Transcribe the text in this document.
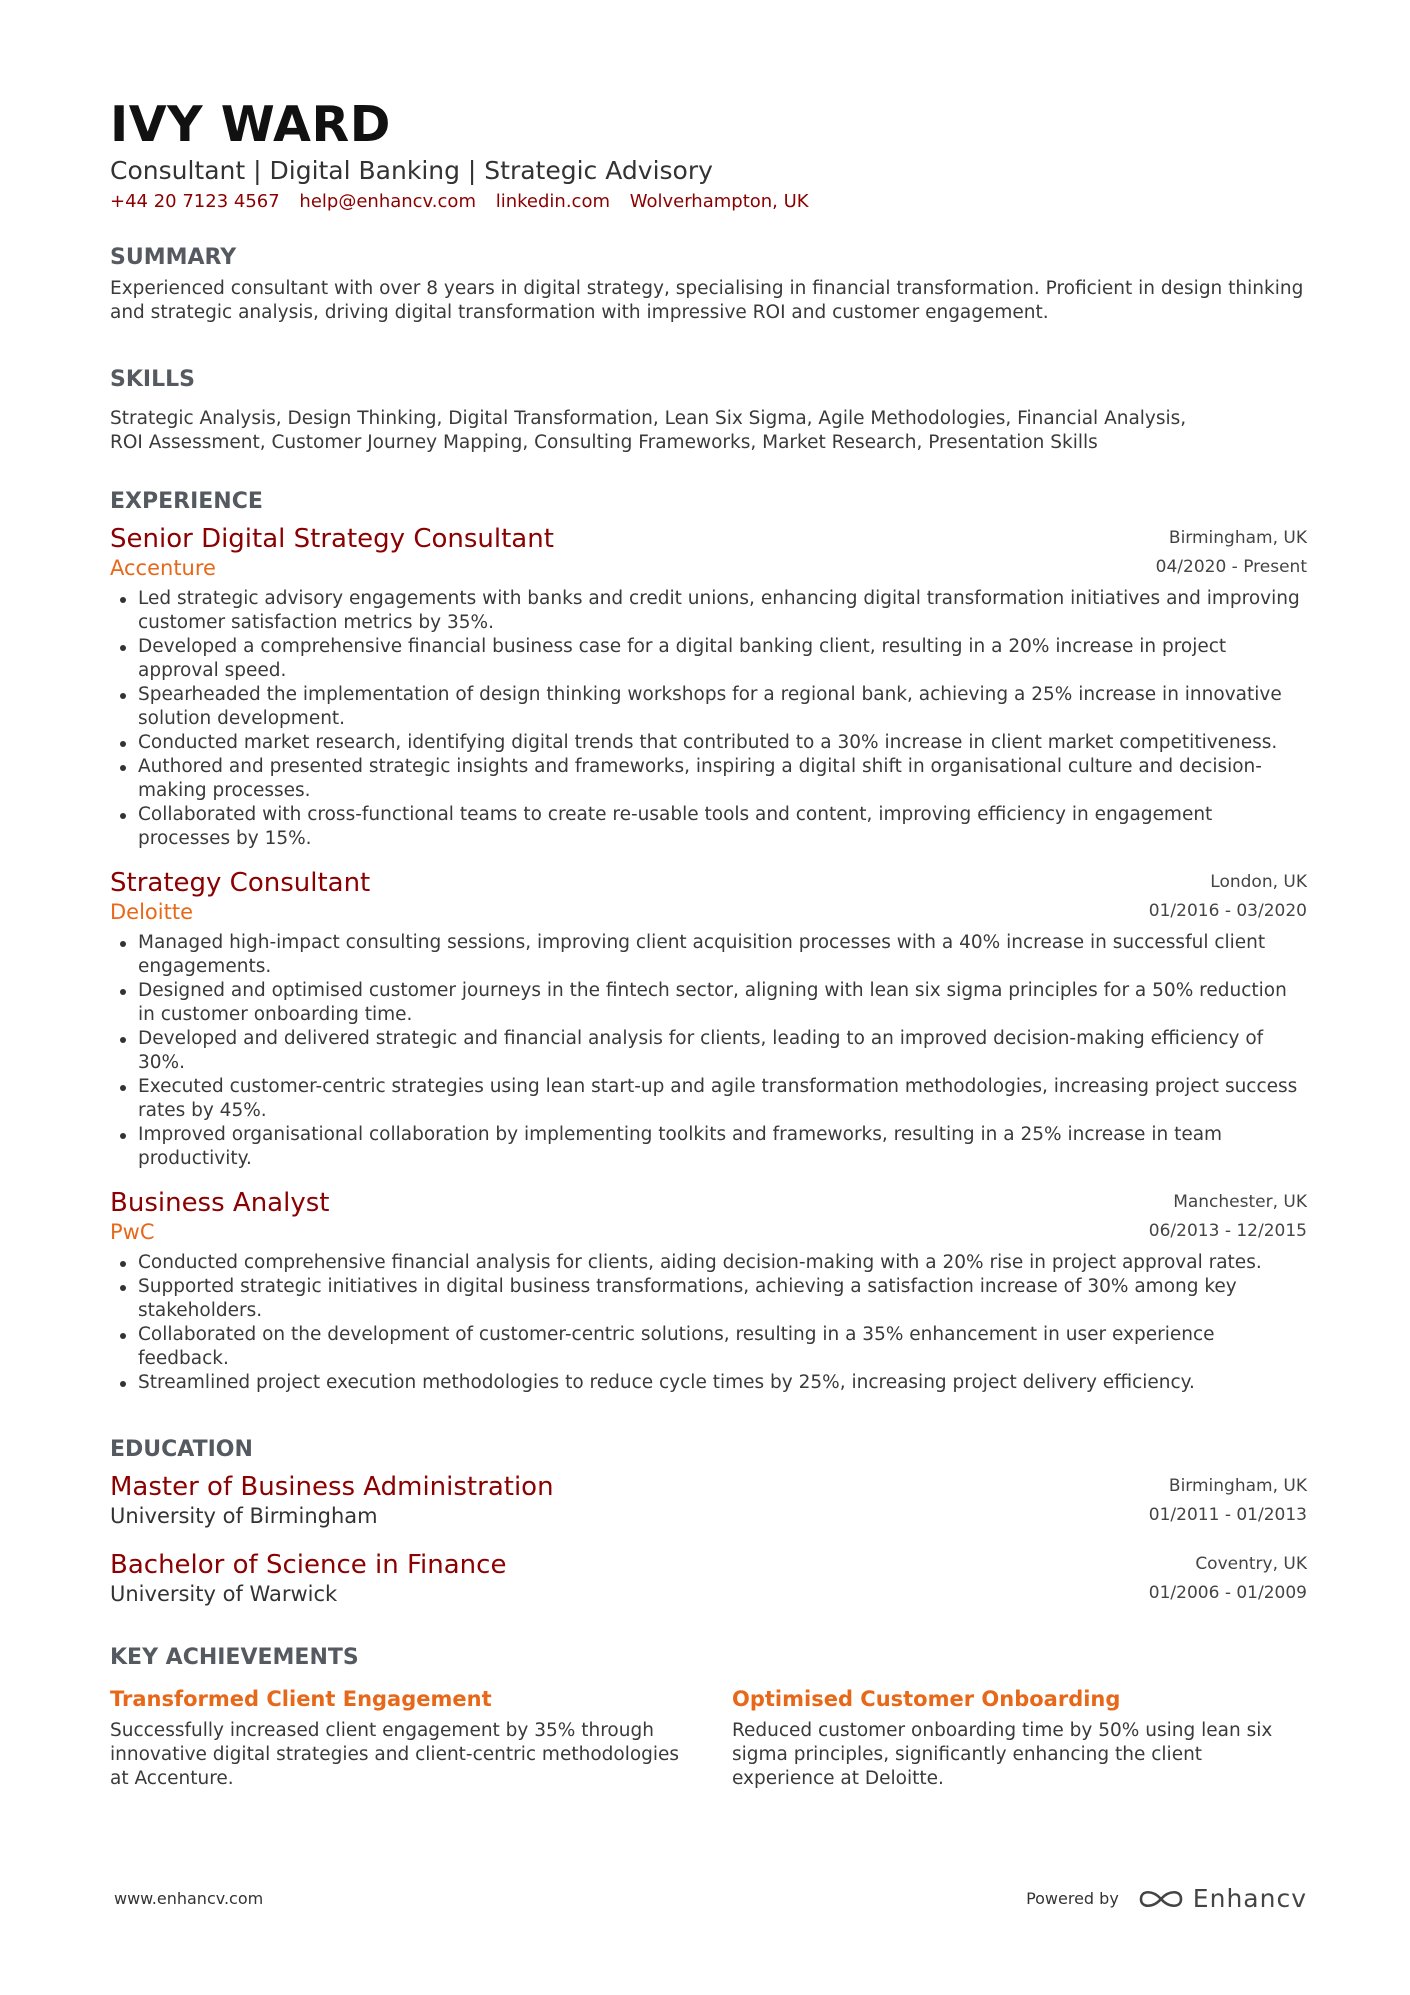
IVY WARD
Consultant | Digital Banking | Strategic Advisory
+44 20 7123 4567 help@enhancv.com linkedin.com Wolverhampton, UK
SUMMARY
Experienced consultant with over 8 years in digital strategy, specialising in financial transformation. Proficient in design thinking and strategic analysis, driving digital transformation with impressive ROI and customer engagement.
SKILLS
Strategic Analysis, Design Thinking, Digital Transformation, Lean Six Sigma, Agile Methodologies, Financial Analysis,
ROI Assessment, Customer Journey Mapping, Consulting Frameworks, Market Research, Presentation Skills
EXPERIENCE
Senior Digital Strategy Consultant
Accenture
Birmingham, UK
04/2020 - Present
Led strategic advisory engagements with banks and credit unions, enhancing digital transformation initiatives and improving customer satisfaction metrics by 35%.
Developed a comprehensive financial business case for a digital banking client, resulting in a 20% increase in project approval speed.
Spearheaded the implementation of design thinking workshops for a regional bank, achieving a 25% increase in innovative solution development.
Conducted market research, identifying digital trends that contributed to a 30% increase in client market competitiveness.
Authored and presented strategic insights and frameworks, inspiring a digital shift in organisational culture and decision-making processes.
Collaborated with cross-functional teams to create re-usable tools and content, improving efficiency in engagement processes by 15%.
Strategy Consultant
Deloitte
London, UK
01/2016 - 03/2020
Managed high-impact consulting sessions, improving client acquisition processes with a 40% increase in successful client engagements.
Designed and optimised customer journeys in the fintech sector, aligning with lean six sigma principles for a 50% reduction in customer onboarding time.
Developed and delivered strategic and financial analysis for clients, leading to an improved decision-making efficiency of 30%.
Executed customer-centric strategies using lean start-up and agile transformation methodologies, increasing project success rates by 45%.
Improved organisational collaboration by implementing toolkits and frameworks, resulting in a 25% increase in team productivity.
Business Analyst
PwC
Manchester, UK
06/2013 - 12/2015
Conducted comprehensive financial analysis for clients, aiding decision-making with a 20% rise in project approval rates.
Supported strategic initiatives in digital business transformations, achieving a satisfaction increase of 30% among key stakeholders.
Collaborated on the development of customer-centric solutions, resulting in a 35% enhancement in user experience feedback.
Streamlined project execution methodologies to reduce cycle times by 25%, increasing project delivery efficiency.
EDUCATION
Master of Business Administration
University of Birmingham
Birmingham, UK
01/2011 - 01/2013
Bachelor of Science in Finance
University of Warwick
Coventry, UK
01/2006 - 01/2009
KEY ACHIEVEMENTS
Transformed Client Engagement
Successfully increased client engagement by 35% through innovative digital strategies and client-centric methodologies at Accenture.
Optimised Customer Onboarding
Reduced customer onboarding time by 50% using lean six sigma principles, significantly enhancing the client experience at Deloitte.
www.enhancv.com	Powered by	Enhancv
